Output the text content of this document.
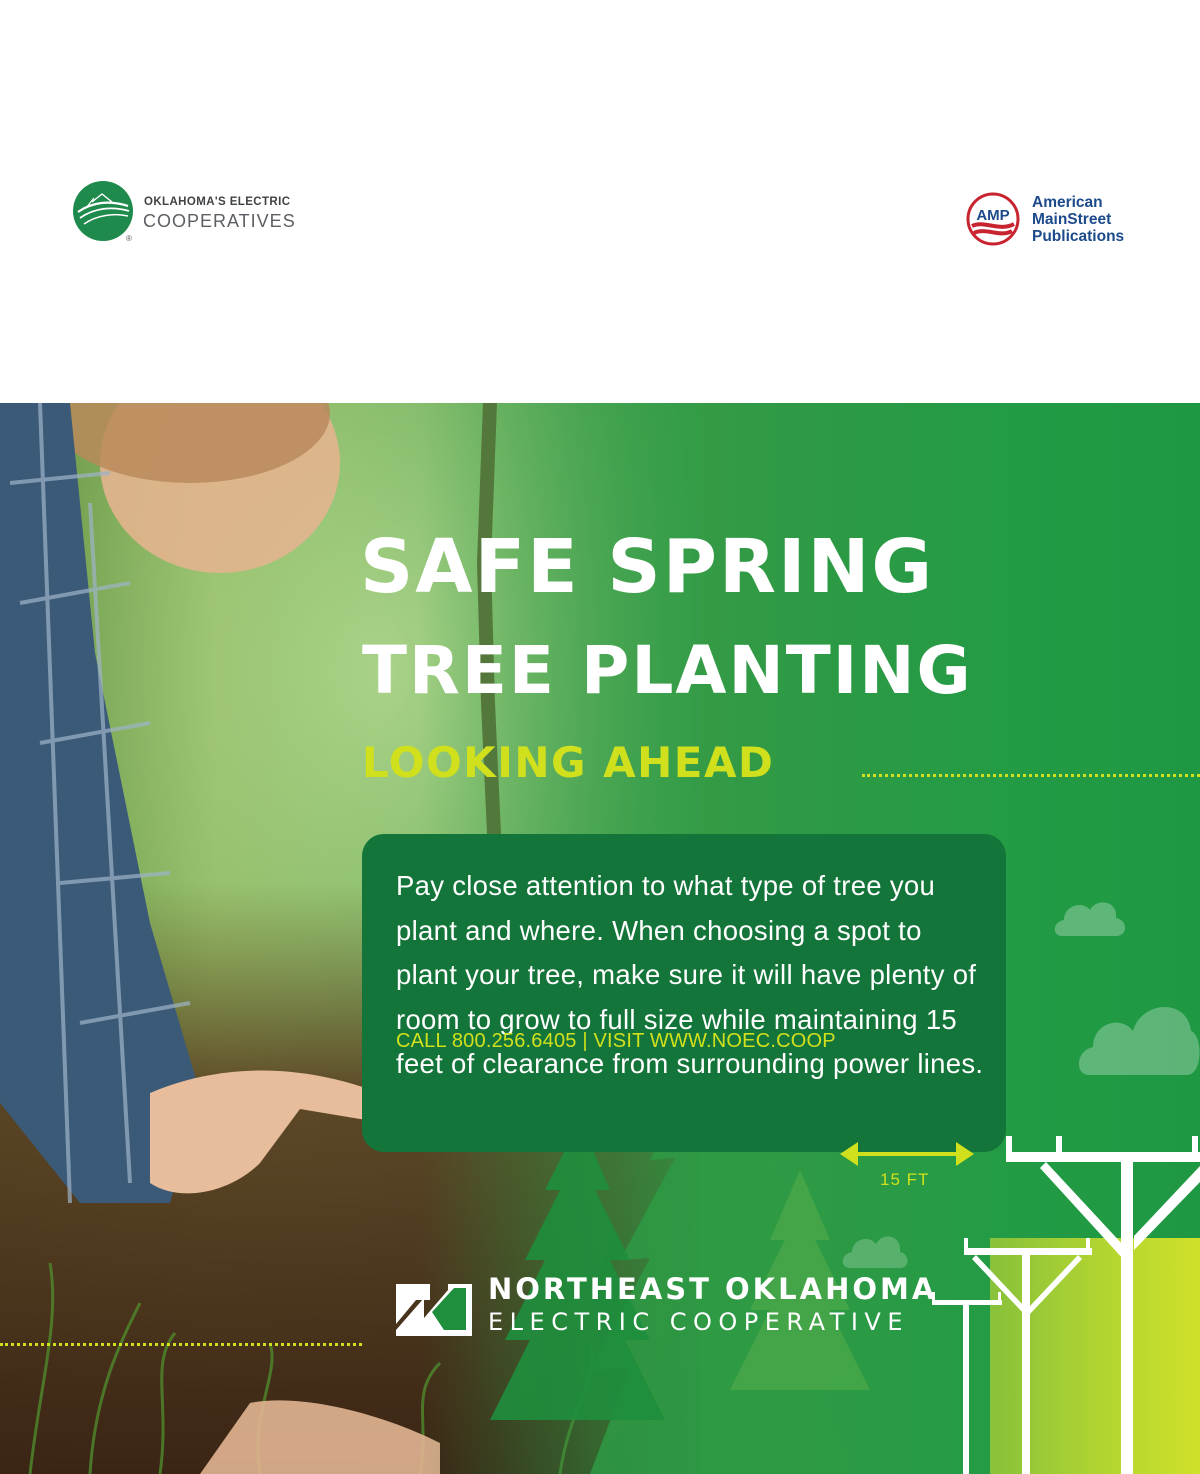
OKLAHOMA'S ELECTRIC
COOPERATIVES
®
AMP
American
MainStreet
Publications
SAFE SPRING
TREE PLANTING
LOOKING AHEAD
Pay close attention to what type of tree you plant and where. When choosing a spot to plant your tree, make sure it will have plenty of room to grow to full size while maintaining 15 feet of clearance from surrounding power lines.
15 FT
NORTHEAST OKLAHOMA
ELECTRIC COOPERATIVE
CALL 800.256.6405 | VISIT WWW.NOEC.COOP
